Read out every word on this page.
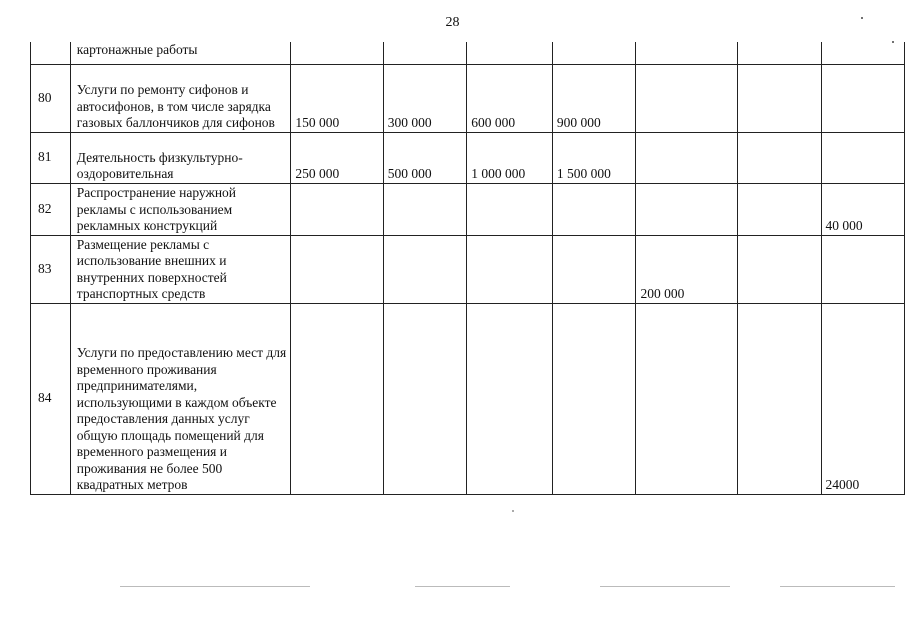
28
	картонажные работы							
80	Услуги по ремонту сифонов и автосифонов, в том числе зарядка газовых баллончиков для сифонов	150 000	300 000	600 000	900 000			
81	Деятельность физкультурно-оздоровительная	250 000	500 000	1 000 000	1 500 000			
82	Распространение наружной рекламы с использованием рекламных конструкций							40 000
83	Размещение рекламы с использование внешних и внутренних поверхностей транспортных средств					200 000		
84	Услуги по предоставлению мест для временного проживания предпринимателями, использующими в каждом объекте предоставления данных услуг общую площадь помещений для временного размещения и проживания не более 500 квадратных метров							24000
